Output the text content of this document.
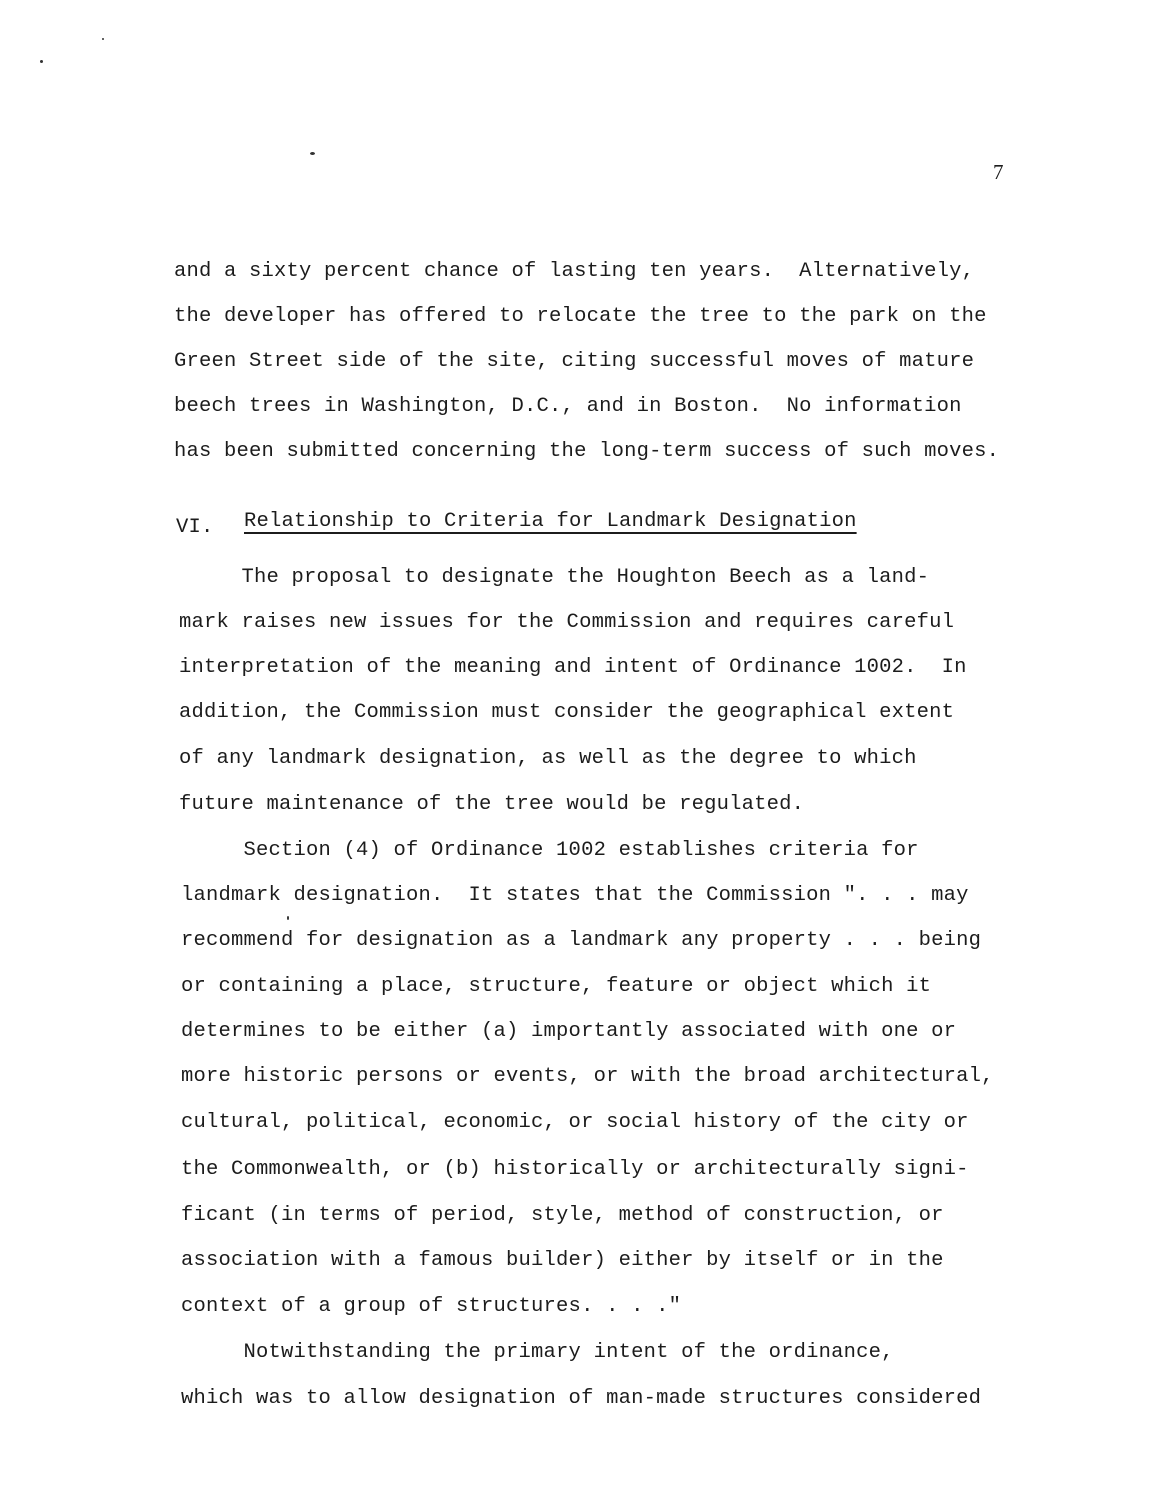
7
and a sixty percent chance of lasting ten years.  Alternatively,
the developer has offered to relocate the tree to the park on the
Green Street side of the site, citing successful moves of mature
beech trees in Washington, D.C., and in Boston.  No information
has been submitted concerning the long-term success of such moves.
VI. Relationship to Criteria for Landmark Designation
The proposal to designate the Houghton Beech as a land-
mark raises new issues for the Commission and requires careful
interpretation of the meaning and intent of Ordinance 1002.  In
addition, the Commission must consider the geographical extent
of any landmark designation, as well as the degree to which
future maintenance of the tree would be regulated.
Section (4) of Ordinance 1002 establishes criteria for
landmark designation.  It states that the Commission ". . . may
recommend for designation as a landmark any property . . . being
or containing a place, structure, feature or object which it
determines to be either (a) importantly associated with one or
more historic persons or events, or with the broad architectural,
cultural, political, economic, or social history of the city or
the Commonwealth, or (b) historically or architecturally signi-
ficant (in terms of period, style, method of construction, or
association with a famous builder) either by itself or in the
context of a group of structures. . . ."
Notwithstanding the primary intent of the ordinance,
which was to allow designation of man-made structures considered
